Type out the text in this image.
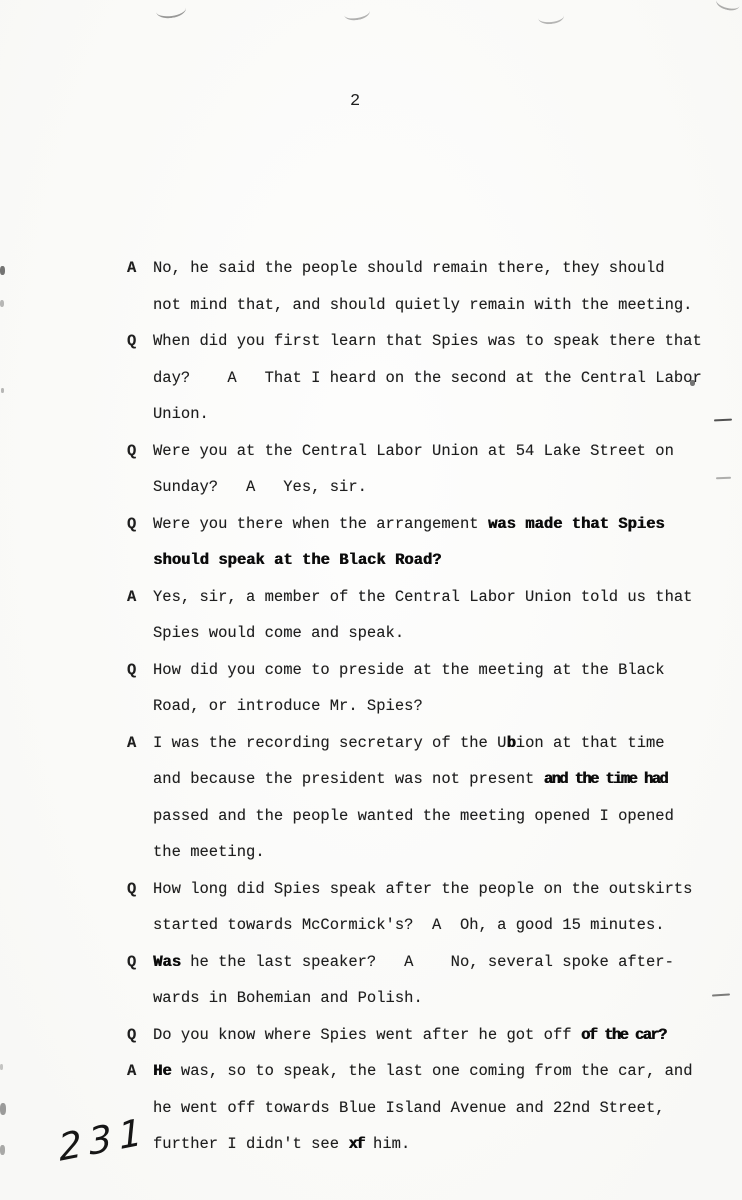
2
A No, he said the people should remain there, they should
not mind that, and should quietly remain with the meeting.
Q When did you first learn that Spies was to speak there that
day?    A   That I heard on the second at the Central Labor
Union.
Q Were you at the Central Labor Union at 54 Lake Street on
Sunday?   A   Yes, sir.
Q Were you there when the arrangement was made that Spies
should speak at the Black Road?
A Yes, sir, a member of the Central Labor Union told us that
Spies would come and speak.
Q How did you come to preside at the meeting at the Black
Road, or introduce Mr. Spies?
A I was the recording secretary of the Ubion at that time
and because the president was not present and the time had
passed and the people wanted the meeting opened I opened
the meeting.
Q How long did Spies speak after the people on the outskirts
started towards McCormick's?  A  Oh, a good 15 minutes.
Q Was he the last speaker?   A    No, several spoke after-
wards in Bohemian and Polish.
Q Do you know where Spies went after he got off of the car?
A He was, so to speak, the last one coming from the car, and
he went off towards Blue Island Avenue and 22nd Street,
further I didn't see xf him.
231
